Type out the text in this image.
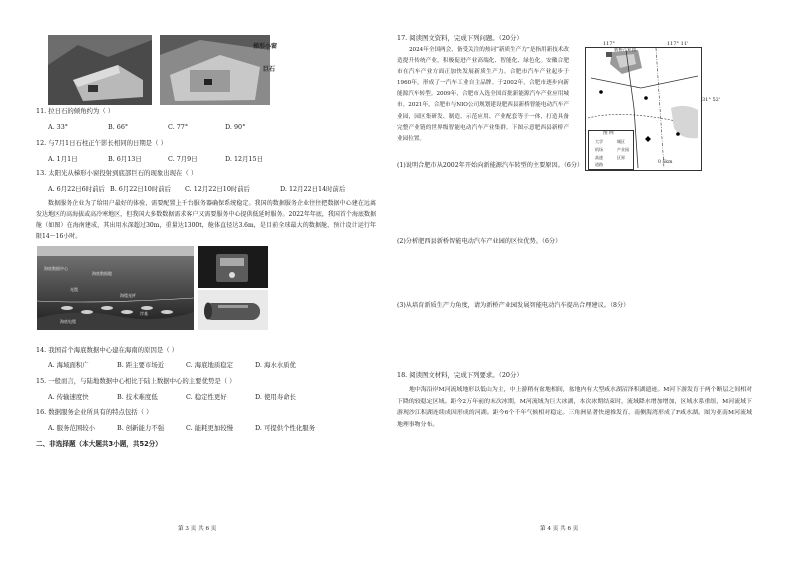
梯形小窗
巨石
11. 拉日石的倾角约为（ ）
A. 33°	B. 66°	C. 77°	D. 90°
12. 与7月1日石柱正午影长相同的日期是（ ）
A. 1月1日	B. 6月13日	C. 7月9日	D. 12月15日
13. 太阳光从梯形小窗投射到底部巨石的现象出现在（ ）
A. 6月22日6时前后 B. 6月22日10时前后 C. 12月22日10时前后	D. 12月22日14时前后
数据服务企业为了给用户最好的体验，需要配置上千台服务器确保系统稳定。我国的数据服务企业往往把数据中心建在远离发达地区的高海拔或高冷寒地区，但我国大多数数据需求客户又需要服务中心提供低延时服务。2022年年底，我国首个海底数据舱（如图）在海南建成，其出用水深超过30m，重量达1300t，舱体直径达3.6m，是目前全球最大的数据舱，预计设计运行年限14～16小时。
海底数据中心
海底数据舱
光缆
海缆光纤
海底电缆
岸基
14. 我国首个海底数据中心建在海南的原因是（ ）
A. 海域面积广	B. 距主要市场近	C. 海底地质稳定	D. 海水水质优
15. 一般而言，与陆地数据中心相比于陆上数据中心的主要优势是（ ）
A. 传输速度快	B. 技术难度低	C. 稳定性更好	D. 使用寿命长
16. 数据服务企业所具有的特点包括（ ）
A. 服务范围较小	B. 创新能力不强	C. 能耗更加较慢	D. 可提供个性化服务
二、非选择题（本大题共3小题，共52分）
第 3 页 共 6 页
17. 阅读图文资料，完成下列问题。（20分）
2024年全国两会，备受关注的热词“新质生产力”是指用新技术改造提升传统产业，积极促进产业高端化、智能化、绿色化。安徽合肥市在汽车产业方面正加快发展新质生产力。合肥市汽车产业起步于1960年，形成了一汽车工业自主品牌。于2002年，合肥市逐步向新能源汽车转型。2009年，合肥市入选全国首批新能源汽车产业应用城市。2021年，合肥市与NIO公司规划建设肥西县新桥智能电动汽车产业园，园区集研发、制造、示范应用、产业配套等于一体，打造具备完整产业链的世界级智能电动汽车产业集群。下图示意肥西县新桥产业园位置。
117°	117° 11'
图 例
大学	城区
机场	产业园
高速	区界
道路
新桥产业园
0 5km
31° 52'
(1)说明合肥市从2002年开始向新能源汽车转型的主要原因。（6分）
(2)分析肥西县新桥智能电动汽车产业园的区位优势。（6分）
(3)从培育新质生产力角度，请为新桥产业园发展智能电动汽车提出合理建议。（8分）
18. 阅读图文材料，完成下列要求。（20分）
地中海沿岸M河流域地形以低山为主，中上游稍有盆地相间，盆地内有大型咸水湖沼泽积湖遗迹。M河下游发育于两个断层之间相对下降的较稳定区域。距今2万年前的末次冰期，M河流域为巨大冰湖，本次冰期结束时，流域降水增加增加，区域水系重组，M河流域下游现沙江积湖连续成因形成的河湖。距今6个千年气候相对稳定。三角洲显著快速推发育，南侧海湾形成了F咸水湖。图为亚南M河流域地理事物分布。
第 4 页 共 6 页
